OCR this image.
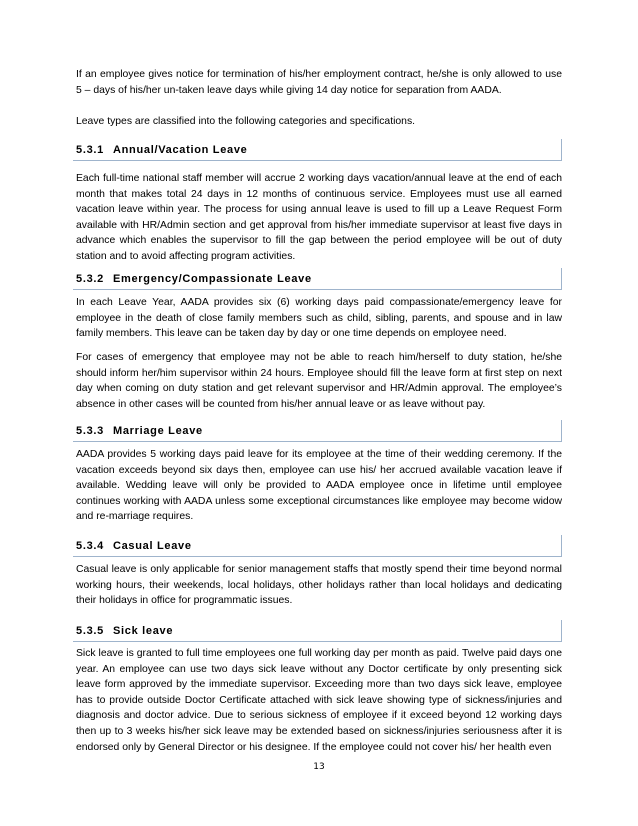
If an employee gives notice for termination of his/her employment contract, he/she is only allowed to use 5 – days of his/her un-taken leave days while giving 14 day notice for separation from AADA.

Leave types are classified into the following categories and specifications.

5.3.1 Annual/Vacation Leave

Each full-time national staff member will accrue 2 working days vacation/annual leave at the end of each month that makes total 24 days in 12 months of continuous service. Employees must use all earned vacation leave within year. The process for using annual leave is used to fill up a Leave Request Form available with HR/Admin section and get approval from his/her immediate supervisor at least five days in advance which enables the supervisor to fill the gap between the period employee will be out of duty station and to avoid affecting program activities.

5.3.2 Emergency/Compassionate Leave

In each Leave Year, AADA provides six (6) working days paid compassionate/emergency leave for employee in the death of close family members such as child, sibling, parents, and spouse and in law family members. This leave can be taken day by day or one time depends on employee need.

For cases of emergency that employee may not be able to reach him/herself to duty station, he/she should inform her/him supervisor within 24 hours. Employee should fill the leave form at first step on next day when coming on duty station and get relevant supervisor and HR/Admin approval. The employee’s absence in other cases will be counted from his/her annual leave or as leave without pay.

5.3.3 Marriage Leave

AADA provides 5 working days paid leave for its employee at the time of their wedding ceremony. If the vacation exceeds beyond six days then, employee can use his/ her accrued available vacation leave if available. Wedding leave will only be provided to AADA employee once in lifetime until employee continues working with AADA unless some exceptional circumstances like employee may become widow and re-marriage requires.

5.3.4 Casual Leave

Casual leave is only applicable for senior management staffs that mostly spend their time beyond normal working hours, their weekends, local holidays, other holidays rather than local holidays and dedicating their holidays in office for programmatic issues.

5.3.5 Sick leave

Sick leave is granted to full time employees one full working day per month as paid. Twelve paid days one year. An employee can use two days sick leave without any Doctor certificate by only presenting sick leave form approved by the immediate supervisor. Exceeding more than two days sick leave, employee has to provide outside Doctor Certificate attached with sick leave showing type of sickness/injuries and diagnosis and doctor advice. Due to serious sickness of employee if it exceed beyond 12 working days then up to 3 weeks his/her sick leave may be extended based on sickness/injuries seriousness after it is endorsed only by General Director or his designee. If the employee could not cover his/ her health even

13
